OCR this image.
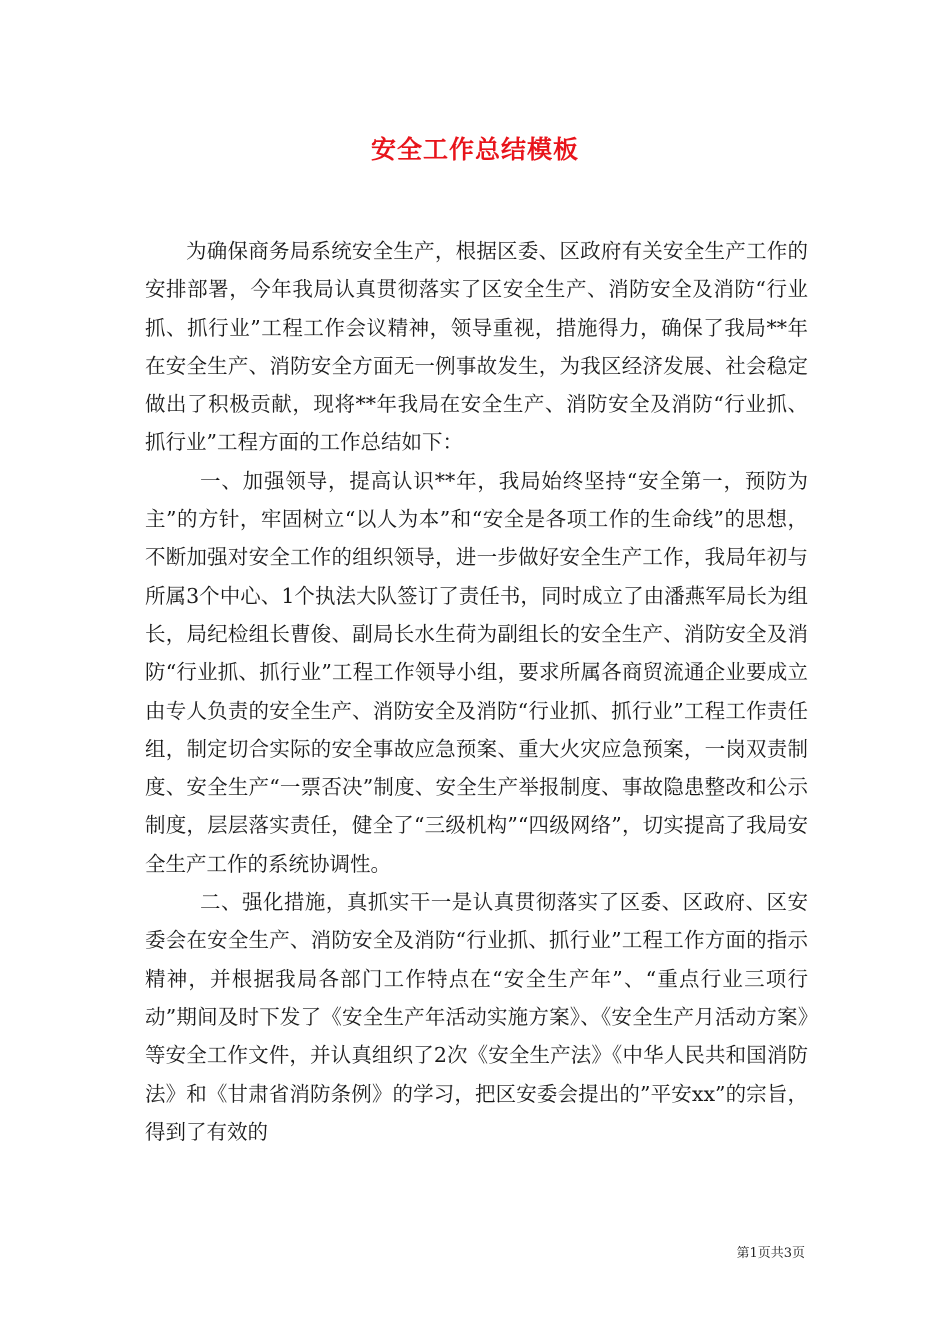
安全工作总结模板

为确保商务局系统安全生产，根据区委、区政府有关安全生产工作的安排部署，今年我局认真贯彻落实了区安全生产、消防安全及消防“行业抓、抓行业”工程工作会议精神，领导重视，措施得力，确保了我局**年在安全生产、消防安全方面无一例事故发生，为我区经济发展、社会稳定做出了积极贡献，现将**年我局在安全生产、消防安全及消防“行业抓、抓行业”工程方面的工作总结如下：

一、加强领导，提高认识**年，我局始终坚持“安全第一，预防为主”的方针，牢固树立“以人为本”和“安全是各项工作的生命线”的思想，不断加强对安全工作的组织领导，进一步做好安全生产工作，我局年初与所属3个中心、1个执法大队签订了责任书，同时成立了由潘燕军局长为组长，局纪检组长曹俊、副局长水生荷为副组长的安全生产、消防安全及消防“行业抓、抓行业”工程工作领导小组，要求所属各商贸流通企业要成立由专人负责的安全生产、消防安全及消防“行业抓、抓行业”工程工作责任组，制定切合实际的安全事故应急预案、重大火灾应急预案，一岗双责制度、安全生产“一票否决”制度、安全生产举报制度、事故隐患整改和公示制度，层层落实责任，健全了“三级机构”“四级网络”，切实提高了我局安全生产工作的系统协调性。

二、强化措施，真抓实干一是认真贯彻落实了区委、区政府、区安委会在安全生产、消防安全及消防“行业抓、抓行业”工程工作方面的指示精神，并根据我局各部门工作特点在“安全生产年”、“重点行业三项行动”期间及时下发了《安全生产年活动实施方案》、《安全生产月活动方案》等安全工作文件，并认真组织了2次《安全生产法》《中华人民共和国消防法》和《甘肃省消防条例》的学习，把区安委会提出的”平安xx”的宗旨，得到了有效的

第1页共3页
